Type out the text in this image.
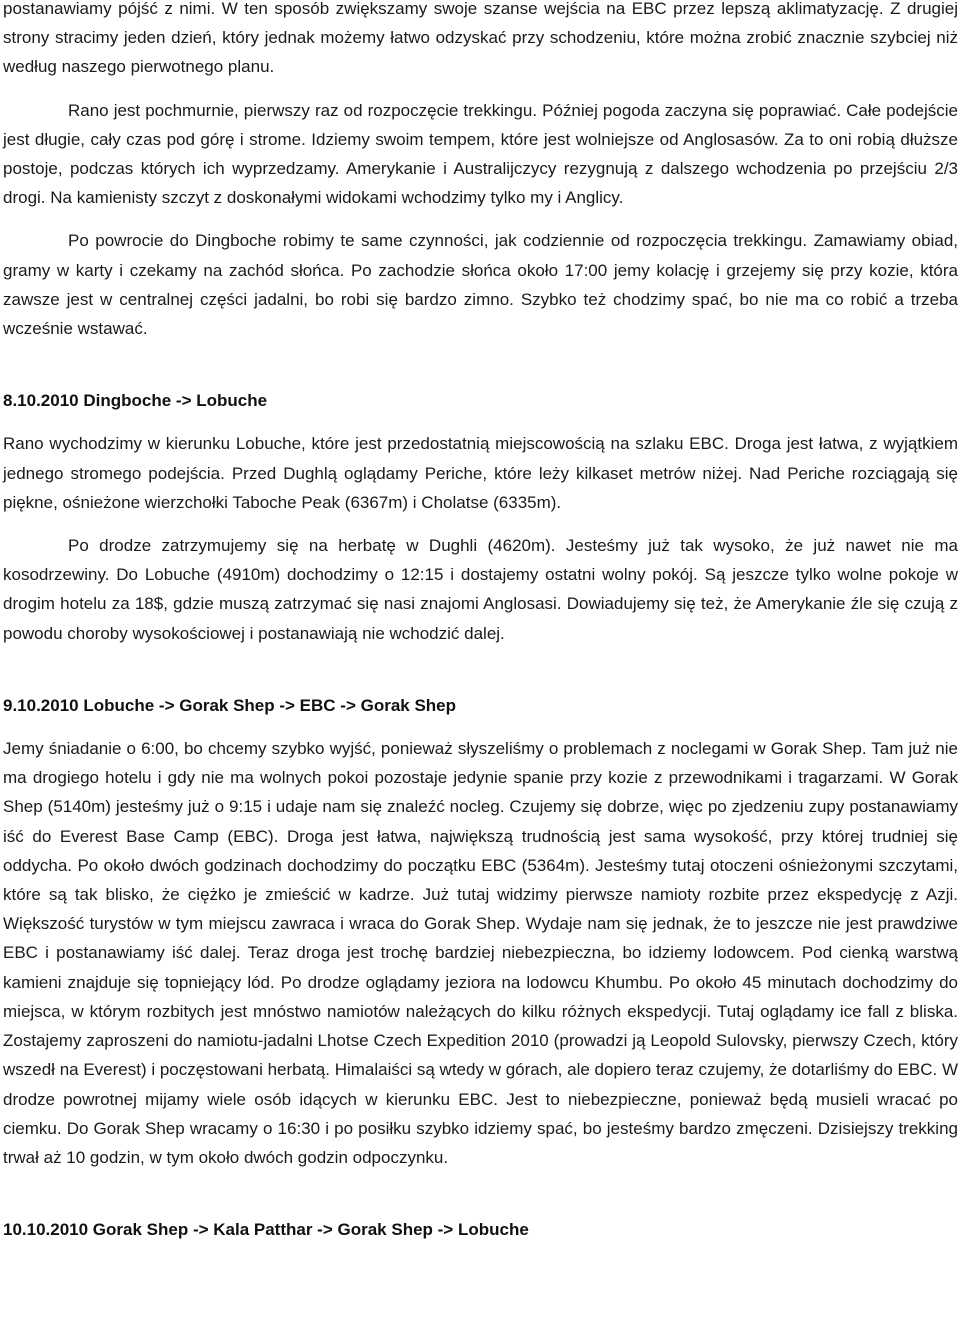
postanawiamy pójść z nimi. W ten sposób zwiększamy swoje szanse wejścia na EBC przez lepszą aklimatyzację. Z drugiej strony stracimy jeden dzień, który jednak możemy łatwo odzyskać przy schodzeniu, które można zrobić znacznie szybciej niż według naszego pierwotnego planu.

Rano jest pochmurnie, pierwszy raz od rozpoczęcie trekkingu. Później pogoda zaczyna się poprawiać. Całe podejście jest długie, cały czas pod górę i strome. Idziemy swoim tempem, które jest wolniejsze od Anglosasów. Za to oni robią dłuższe postoje, podczas których ich wyprzedzamy. Amerykanie i Australijczycy rezygnują z dalszego wchodzenia po przejściu 2/3 drogi. Na kamienisty szczyt z doskonałymi widokami wchodzimy tylko my i Anglicy.

Po powrocie do Dingboche robimy te same czynności, jak codziennie od rozpoczęcia trekkingu. Zamawiamy obiad, gramy w karty i czekamy na zachód słońca. Po zachodzie słońca około 17:00 jemy kolację i grzejemy się przy kozie, która zawsze jest w centralnej części jadalni, bo robi się bardzo zimno. Szybko też chodzimy spać, bo nie ma co robić a trzeba wcześnie wstawać.

8.10.2010 Dingboche -> Lobuche

Rano wychodzimy w kierunku Lobuche, które jest przedostatnią miejscowością na szlaku EBC. Droga jest łatwa, z wyjątkiem jednego stromego podejścia. Przed Dughlą oglądamy Periche, które leży kilkaset metrów niżej. Nad Periche rozciągają się piękne, ośnieżone wierzchołki Taboche Peak (6367m) i Cholatse (6335m).

Po drodze zatrzymujemy się na herbatę w Dughli (4620m). Jesteśmy już tak wysoko, że już nawet nie ma kosodrzewiny. Do Lobuche (4910m) dochodzimy o 12:15 i dostajemy ostatni wolny pokój. Są jeszcze tylko wolne pokoje w drogim hotelu za 18$, gdzie muszą zatrzymać się nasi znajomi Anglosasi. Dowiadujemy się też, że Amerykanie źle się czują z powodu choroby wysokościowej i postanawiają nie wchodzić dalej.

9.10.2010 Lobuche -> Gorak Shep -> EBC -> Gorak Shep

Jemy śniadanie o 6:00, bo chcemy szybko wyjść, ponieważ słyszeliśmy o problemach z noclegami w Gorak Shep. Tam już nie ma drogiego hotelu i gdy nie ma wolnych pokoi pozostaje jedynie spanie przy kozie z przewodnikami i tragarzami. W Gorak Shep (5140m) jesteśmy już o 9:15 i udaje nam się znaleźć nocleg. Czujemy się dobrze, więc po zjedzeniu zupy postanawiamy iść do Everest Base Camp (EBC). Droga jest łatwa, największą trudnością jest sama wysokość, przy której trudniej się oddycha. Po około dwóch godzinach dochodzimy do początku EBC (5364m). Jesteśmy tutaj otoczeni ośnieżonymi szczytami, które są tak blisko, że ciężko je zmieścić w kadrze. Już tutaj widzimy pierwsze namioty rozbite przez ekspedycję z Azji. Większość turystów w tym miejscu zawraca i wraca do Gorak Shep. Wydaje nam się jednak, że to jeszcze nie jest prawdziwe EBC i postanawiamy iść dalej. Teraz droga jest trochę bardziej niebezpieczna, bo idziemy lodowcem. Pod cienką warstwą kamieni znajduje się topniejący lód. Po drodze oglądamy jeziora na lodowcu Khumbu. Po około 45 minutach dochodzimy do miejsca, w którym rozbitych jest mnóstwo namiotów należących do kilku różnych ekspedycji. Tutaj oglądamy ice fall z bliska. Zostajemy zaproszeni do namiotu-jadalni Lhotse Czech Expedition 2010 (prowadzi ją Leopold Sulovsky, pierwszy Czech, który wszedł na Everest) i poczęstowani herbatą. Himalaiści są wtedy w górach, ale dopiero teraz czujemy, że dotarliśmy do EBC. W drodze powrotnej mijamy wiele osób idących w kierunku EBC. Jest to niebezpieczne, ponieważ będą musieli wracać po ciemku. Do Gorak Shep wracamy o 16:30 i po posiłku szybko idziemy spać, bo jesteśmy bardzo zmęczeni. Dzisiejszy trekking trwał aż 10 godzin, w tym około dwóch godzin odpoczynku.

10.10.2010 Gorak Shep -> Kala Patthar -> Gorak Shep -> Lobuche
